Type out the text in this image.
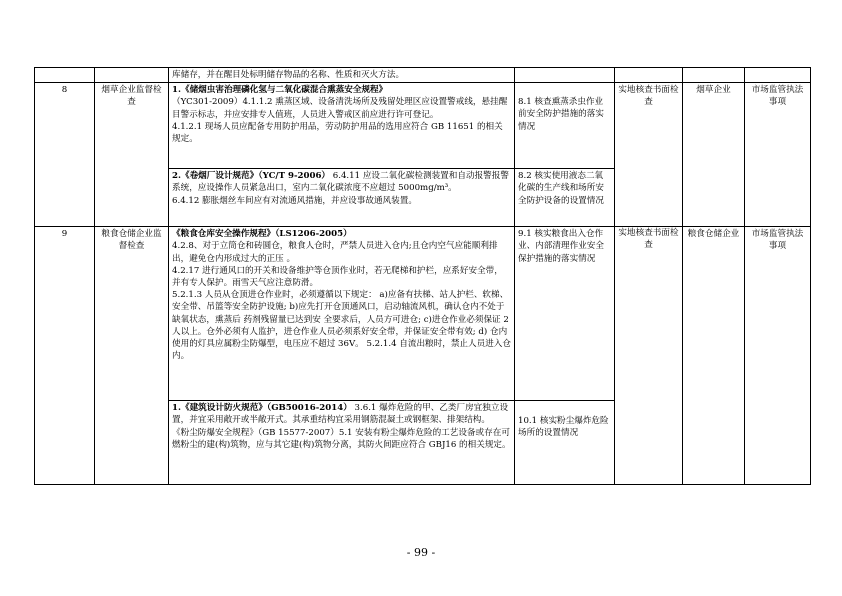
		库储存，并在醒目处标明储存物品的名称、性质和灭火方法。				
8	烟草企业监督检查	1.《储烟虫害治理磷化氢与二氧化碳混合熏蒸安全规程》
（YC301-2009）4.1.1.2 熏蒸区域、设备清洗场所及残留处理区应设置警戒线，悬挂醒目警示标志，并应安排专人值班，人员进入警戒区前应进行许可登记。
4.1.2.1 现场人员应配备专用防护用品，劳动防护用品的选用应符合 GB 11651 的相关规定。	8.1 核查熏蒸杀虫作业前安全防护措施的落实情况	实地核查书面检查	烟草企业	市场监管执法事项
		2.《卷烟厂设计规范》（YC/T 9-2006） 6.4.11 应设二氧化碳检测装置和自动报警报警系统，应设操作人员紧急出口，室内二氧化碳浓度不应超过 5000mg/m³。
6.4.12 膨胀烟丝车间应有对流通风措施，并应设事故通风装置。	8.2 核实使用液态二氧化碳的生产线和场所安全防护设备的设置情况			
9	粮食仓储企业监督检查	《粮食仓库安全操作规程》（LS1206-2005）
4.2.8、对于立筒仓和砖圆仓，粮食人仓时，严禁人员进入仓内;且仓内空气应能顺利排出，避免仓内形成过大的正压 。
4.2.17 进行通风口的开关和设备维护等仓顶作业时，若无爬梯和护栏，应系好安全带，并有专人保护。雨雪天气应注意防滑。
5.2.1.3 人员从仓顶进仓作业时，必须遵循以下规定： a)应备有扶梯、站人护栏、软梯、安全带、吊篮等安全防护设施; b)应先打开仓顶通风口，启动轴流风机，确认仓内不处于缺氧状态，熏蒸后 药剂残留量已达到安 全要求后，人员方可进仓; c)进仓作业必须保证 2 人以上。仓外必须有人监护，进仓作业人员必须系好安全带，并保证安全带有效; d) 仓内使用的灯具应属粉尘防爆型，电压应不超过 36V。 5.2.1.4 自流出粮时，禁止人员进入仓内。	9.1 核实粮食出入仓作业、内部清理作业安全保护措施的落实情况	实地核查书面检查	粮食仓储企业	市场监管执法事项
		1.《建筑设计防火规范》（GB50016-2014） 3.6.1 爆炸危险的甲、乙类厂房宜独立设置，并宜采用敞开或半敞开式。其承重结构宜采用钢筋混凝土或钢框架、排架结构。
《粉尘防爆安全规程》（GB 15577-2007）5.1 安装有粉尘爆炸危险的工艺设备或存在可燃粉尘的建(构)筑物，应与其它建(构)筑物分离，其防火间距应符合 GBJ16 的相关规定。	10.1 核实粉尘爆炸危险场所的设置情况			
- 99 -
